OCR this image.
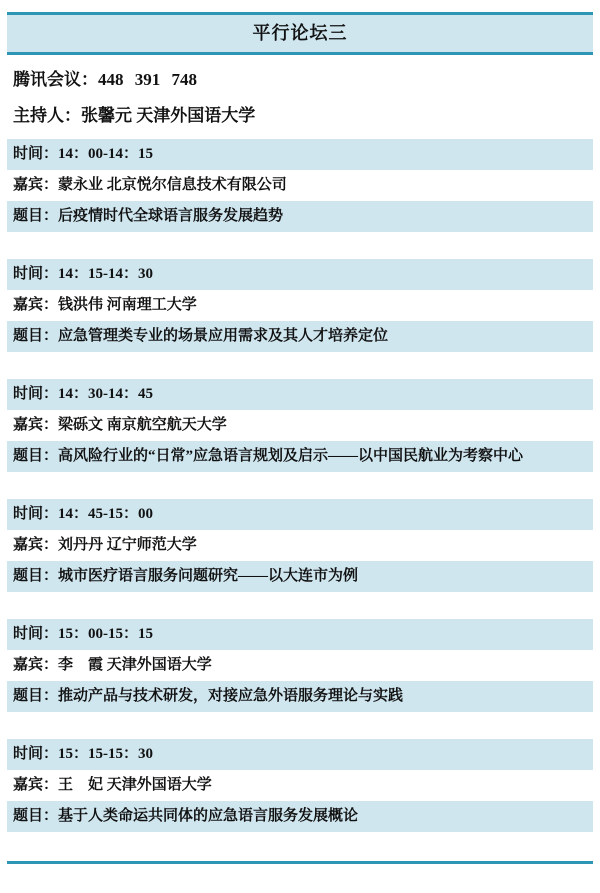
平行论坛三
腾讯会议：448 391 748
主持人：张馨元 天津外国语大学
时间：14：00-14：15
嘉宾：蒙永业 北京悦尔信息技术有限公司
题目：后疫情时代全球语言服务发展趋势
时间：14：15-14：30
嘉宾：钱洪伟 河南理工大学
题目：应急管理类专业的场景应用需求及其人才培养定位
时间：14：30-14：45
嘉宾：梁砾文 南京航空航天大学
题目：高风险行业的“日常”应急语言规划及启示——以中国民航业为考察中心
时间：14：45-15：00
嘉宾：刘丹丹 辽宁师范大学
题目：城市医疗语言服务问题研究——以大连市为例
时间：15：00-15：15
嘉宾：李　霞 天津外国语大学
题目：推动产品与技术研发，对接应急外语服务理论与实践
时间：15：15-15：30
嘉宾：王　妃 天津外国语大学
题目：基于人类命运共同体的应急语言服务发展概论
